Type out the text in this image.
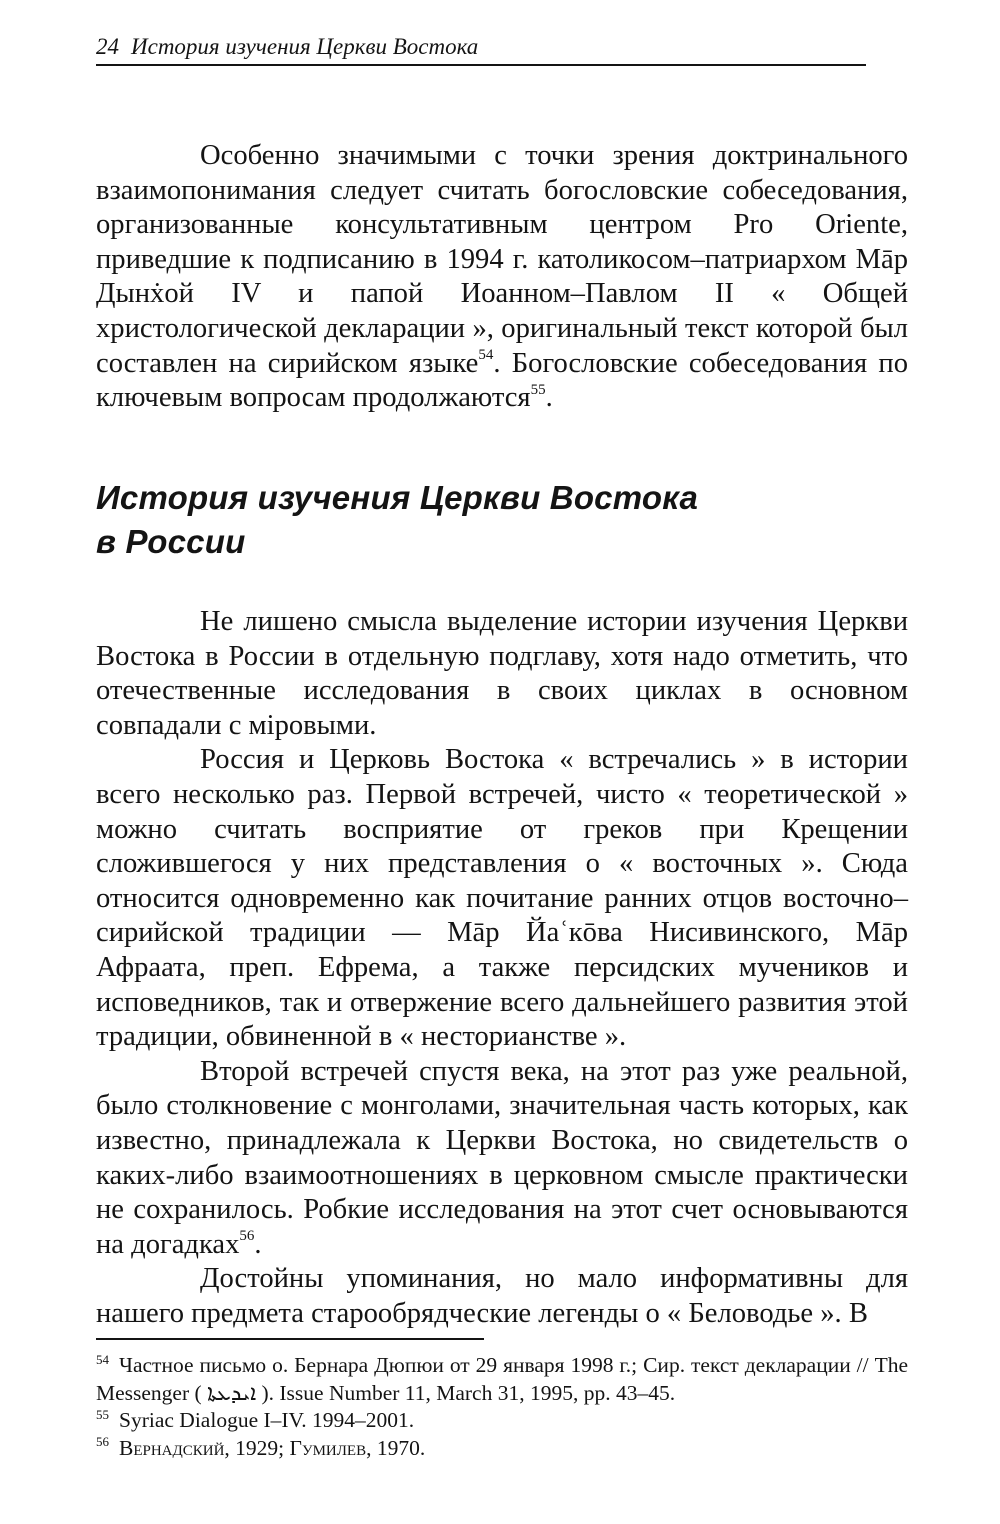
24 История изучения Церкви Востока

Особенно значимыми с точки зрения доктринального взаимопонимания следует считать богословские собеседования, организованные консультативным центром Pro Oriente, приведшие к подписанию в 1994 г. католикосом–патриархом Мāр Дынẋой IV и папой Иоанном–Павлом II « Общей христологической декларации », оригинальный текст которой был составлен на сирийском языке$^{54}$. Богословские собеседования по ключевым вопросам продолжаются$^{55}$.

История изучения Церкви Востока
в России

Не лишено смысла выделение истории изучения Церкви Востока в России в отдельную подглаву, хотя надо отметить, что отечественные исследования в своих циклах в основном совпадали с міровыми.

Россия и Церковь Востока « встречались » в истории всего несколько раз. Первой встречей, чисто « теоретической » можно считать восприятие от греков при Крещении сложившегося у них представления о « восточных ». Сюда относится одновременно как почитание ранних отцов восточно–сирийской традиции — Мāр Йаʿкōва Нисивинского, Мāр Афраата, преп. Ефрема, а также персидских мучеников и исповедников, так и отвержение всего дальнейшего развития этой традиции, обвиненной в « несторианстве ».

Второй встречей спустя века, на этот раз уже реальной, было столкновение с монголами, значительная часть которых, как известно, принадлежала к Церкви Востока, но свидетельств о каких-либо взаимоотношениях в церковном смысле практически не сохранилось. Робкие исследования на этот счет основываются на догадках$^{56}$.

Достойны упоминания, но мало информативны для нашего предмета старообрядческие легенды о « Беловодье ». В

$^{54}$ Частное письмо о. Бернара Дюпюи от 29 января 1998 г.; Сир. текст декларации // The Messenger ( ܐܝܕܥܬܐ ). Issue Number 11, March 31, 1995, pp. 43–45.

$^{55}$ Syriac Dialogue I–IV. 1994–2001.

$^{56}$ Вернадский, 1929; Гумилев, 1970.
